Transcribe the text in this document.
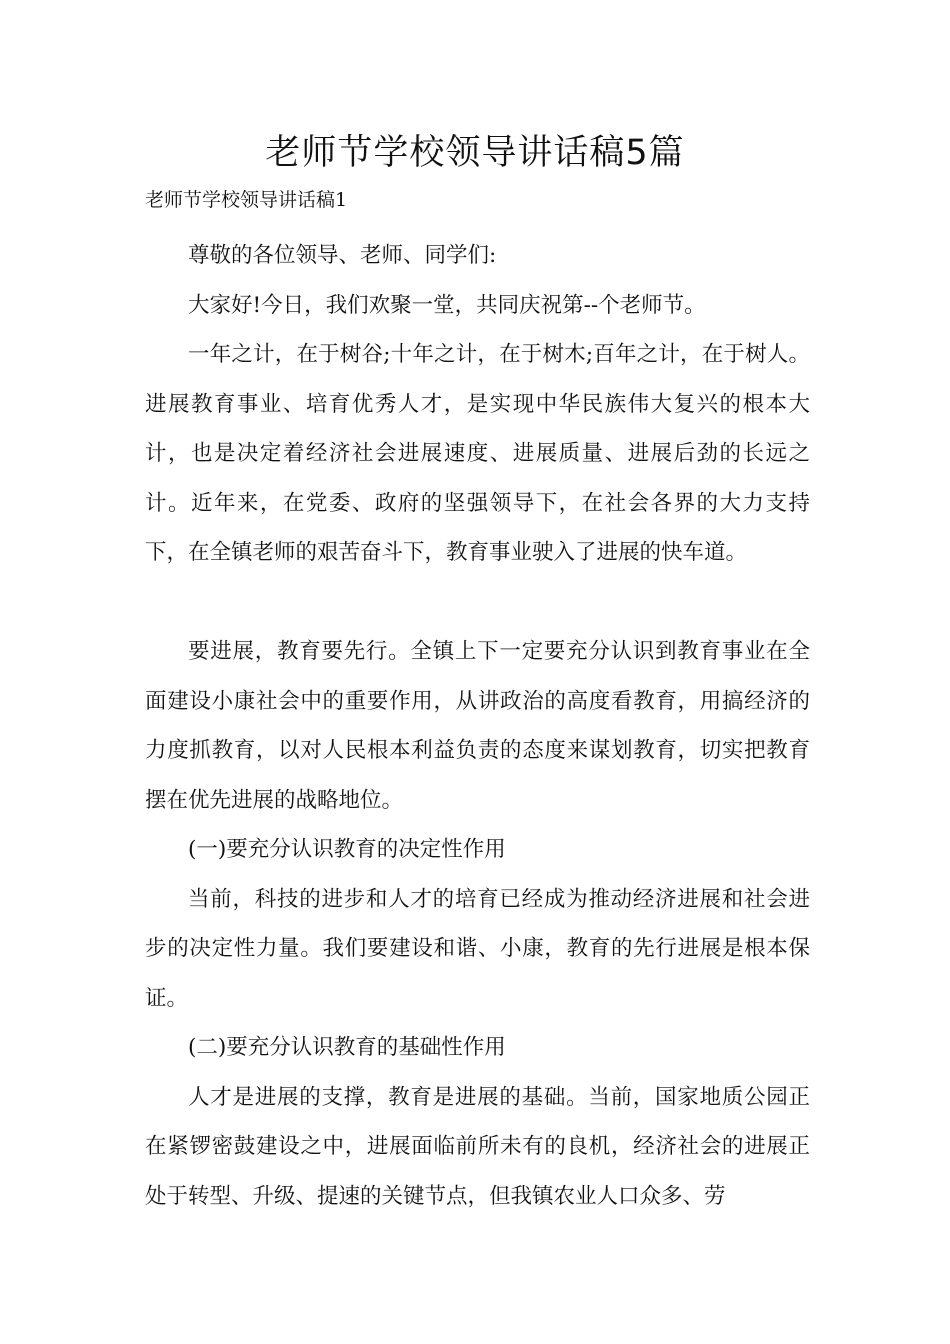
老师节学校领导讲话稿5篇
老师节学校领导讲话稿1

尊敬的各位领导、老师、同学们:

大家好!今日，我们欢聚一堂，共同庆祝第--个老师节。

一年之计，在于树谷;十年之计，在于树木;百年之计，在于树人。进展教育事业、培育优秀人才，是实现中华民族伟大复兴的根本大计，也是决定着经济社会进展速度、进展质量、进展后劲的长远之计。近年来，在党委、政府的坚强领导下，在社会各界的大力支持下，在全镇老师的艰苦奋斗下，教育事业驶入了进展的快车道。

要进展，教育要先行。全镇上下一定要充分认识到教育事业在全面建设小康社会中的重要作用，从讲政治的高度看教育，用搞经济的力度抓教育，以对人民根本利益负责的态度来谋划教育，切实把教育摆在优先进展的战略地位。

(一)要充分认识教育的决定性作用

当前，科技的进步和人才的培育已经成为推动经济进展和社会进步的决定性力量。我们要建设和谐、小康，教育的先行进展是根本保证。

(二)要充分认识教育的基础性作用

人才是进展的支撑，教育是进展的基础。当前，国家地质公园正在紧锣密鼓建设之中，进展面临前所未有的良机，经济社会的进展正处于转型、升级、提速的关键节点，但我镇农业人口众多、劳
